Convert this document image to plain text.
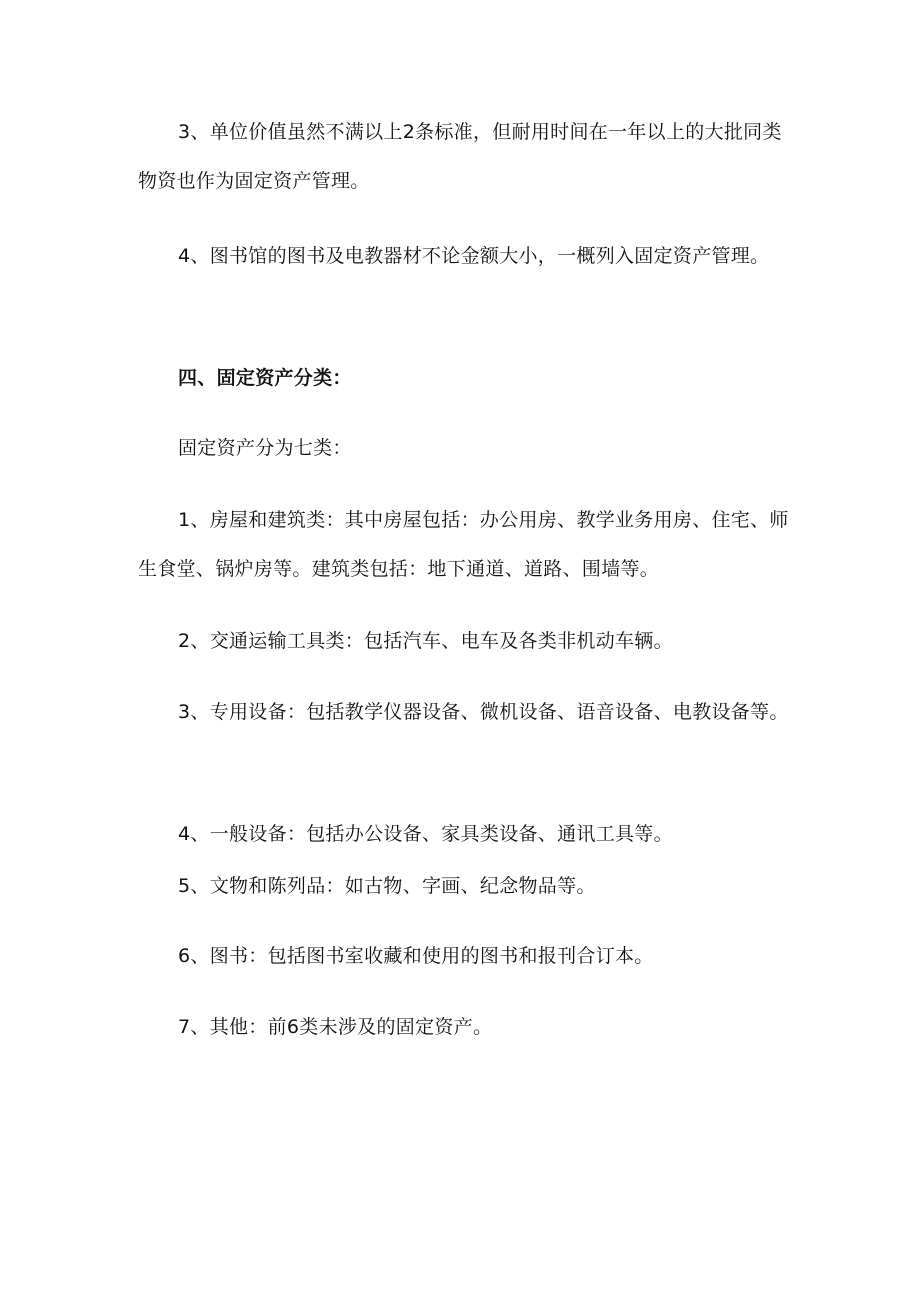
3、单位价值虽然不满以上2条标准，但耐用时间在一年以上的大批同类物资也作为固定资产管理。

4、图书馆的图书及电教器材不论金额大小，一概列入固定资产管理。

四、固定资产分类：

固定资产分为七类：

1、房屋和建筑类：其中房屋包括：办公用房、教学业务用房、住宅、师生食堂、锅炉房等。建筑类包括：地下通道、道路、围墙等。

2、交通运输工具类：包括汽车、电车及各类非机动车辆。

3、专用设备：包括教学仪器设备、微机设备、语音设备、电教设备等。

4、一般设备：包括办公设备、家具类设备、通讯工具等。

5、文物和陈列品：如古物、字画、纪念物品等。

6、图书：包括图书室收藏和使用的图书和报刊合订本。

7、其他：前6类未涉及的固定资产。
